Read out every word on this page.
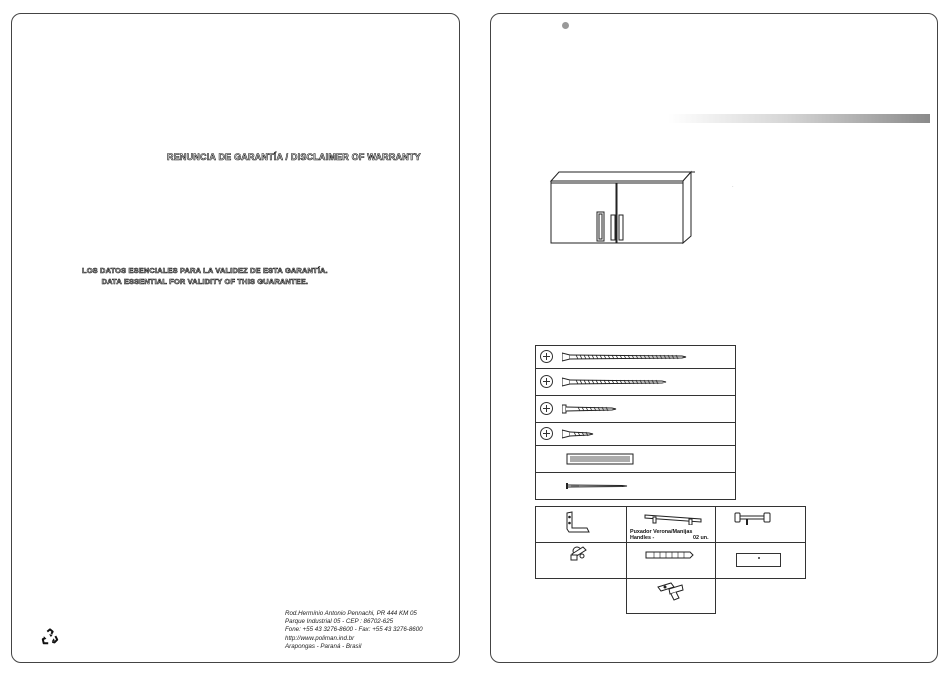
RENUNCIA DE GARANTÍA / DISCLAIMER OF WARRANTY
LOS DATOS ESENCIALES PARA LA VALIDEZ DE ESTA GARANTÍA.
DATA ESSENTIAL FOR VALIDITY OF THIS GUARANTEE.
Rod.Hermínio Antonio Pennachi, PR 444 KM 05
Parque Industrial 05 - CEP : 86702-625
Fone: +55 43 3276-8600 - Fax: +55 43 3276-8600
http://www.poliman.ind.br
Arapongas - Paraná - Brasil
·

Puxador Verona/Manijas
Handles -	02 un.
